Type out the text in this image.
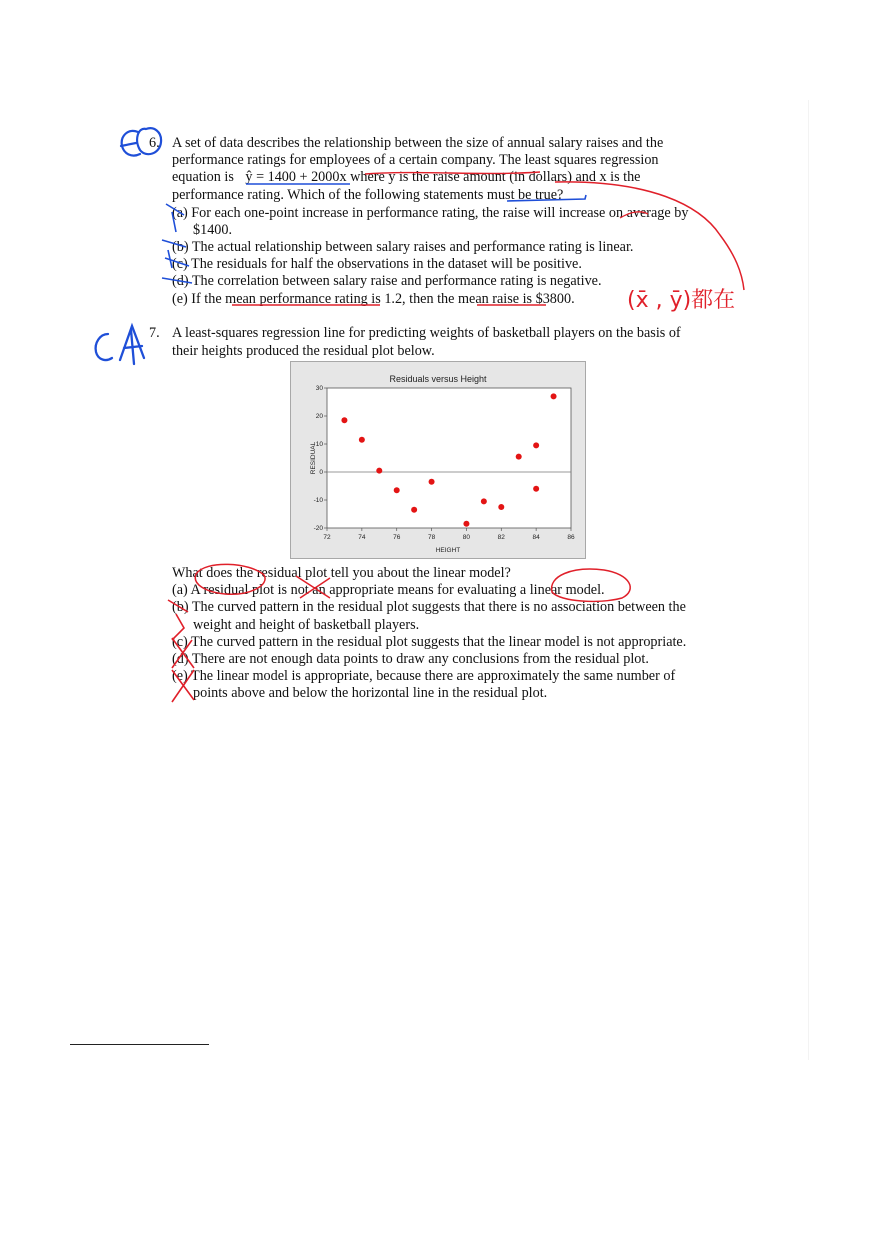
6. A set of data describes the relationship between the size of annual salary raises and the
performance ratings for employees of a certain company. The least squares regression
equation is ŷ = 1400 + 2000x where y is the raise amount (in dollars) and x is the
performance rating. Which of the following statements must be true?
(a) For each one-point increase in performance rating, the raise will increase on average by
$1400.
(b) The actual relationship between salary raises and performance rating is linear.
(c) The residuals for half the observations in the dataset will be positive.
(d) The correlation between salary raise and performance rating is negative.
(e) If the mean performance rating is 1.2, then the mean raise is $3800.
7. A least-squares regression line for predicting weights of basketball players on the basis of
their heights produced the residual plot below.
Residuals versus Height
72	74	76	78	80	82	84	86
30
20
10
0
-10
-20
HEIGHT
RESIDUAL
What does the residual plot tell you about the linear model?
(a) A residual plot is not an appropriate means for evaluating a linear model.
(b) The curved pattern in the residual plot suggests that there is no association between the
weight and height of basketball players.
(c) The curved pattern in the residual plot suggests that the linear model is not appropriate.
(d) There are not enough data points to draw any conclusions from the residual plot.
(e) The linear model is appropriate, because there are approximately the same number of
points above and below the horizontal line in the residual plot.
(x̄ , ȳ)都在
